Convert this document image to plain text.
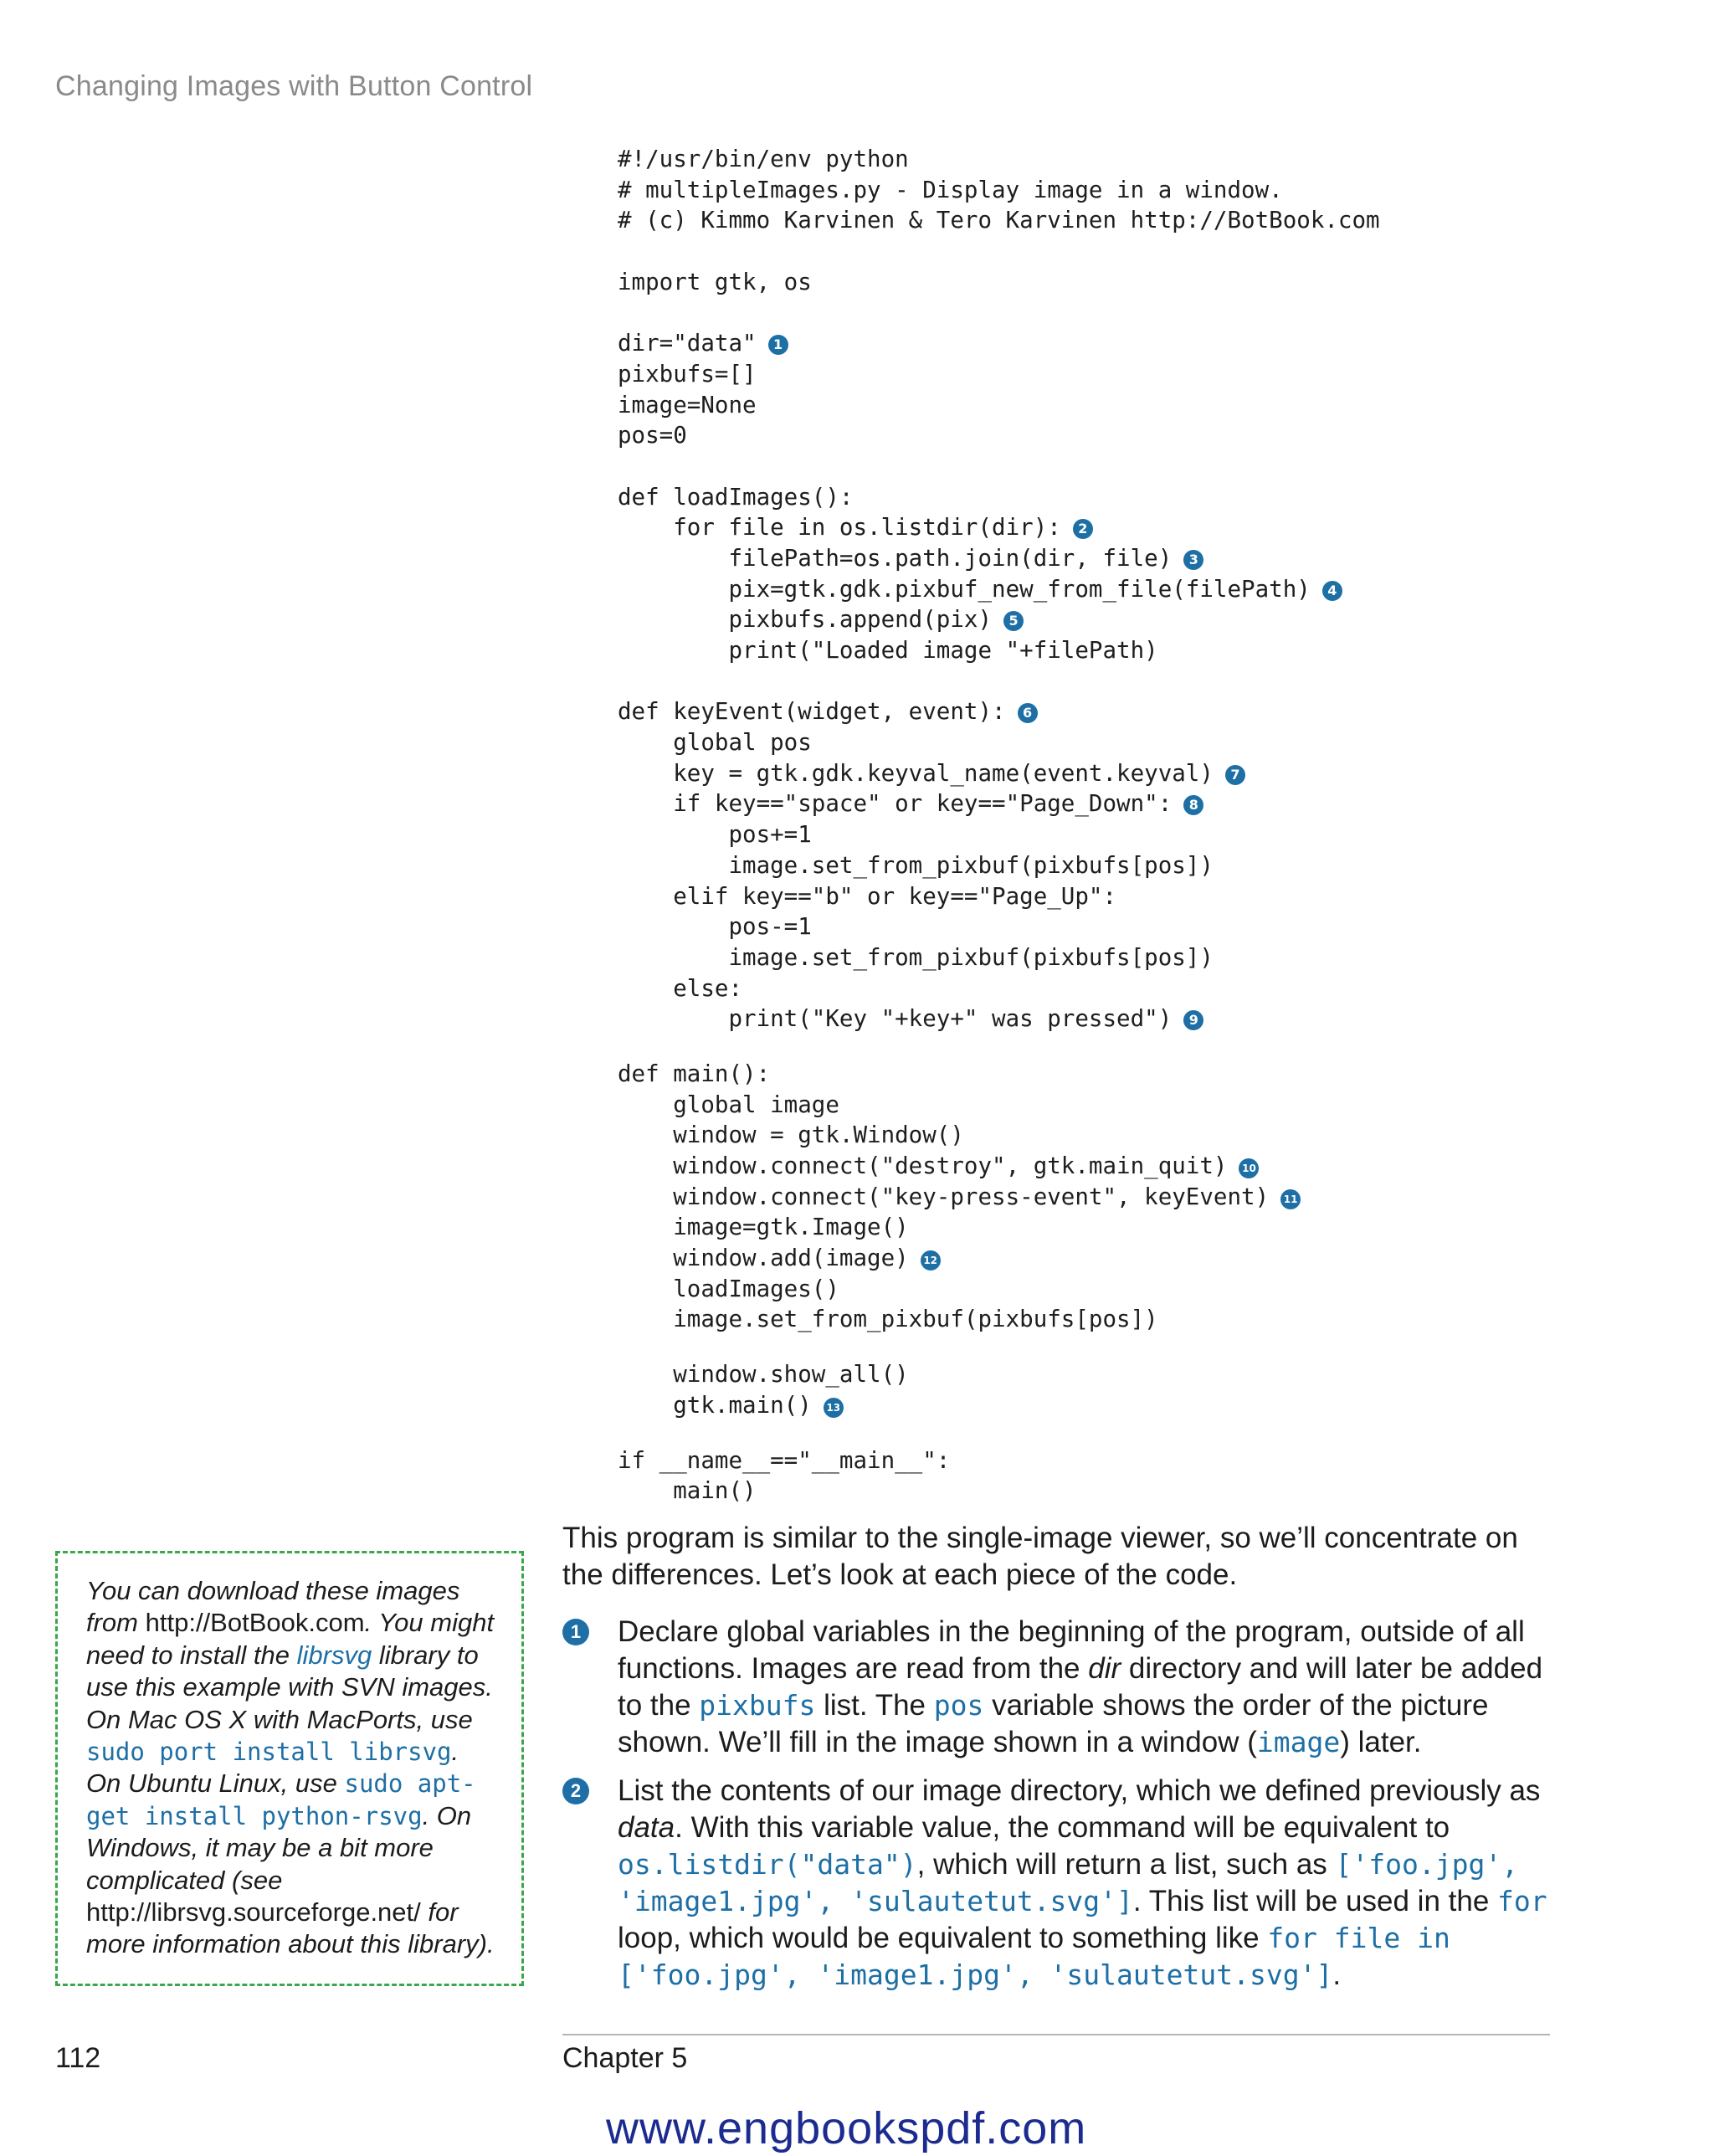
Changing Images with Button Control
#!/usr/bin/env python
# multipleImages.py - Display image in a window.
# (c) Kimmo Karvinen & Tero Karvinen http://BotBook.com
import gtk, os
dir="data" 1
pixbufs=[]
image=None
pos=0
def loadImages():
for file in os.listdir(dir): 2
filePath=os.path.join(dir, file) 3
pix=gtk.gdk.pixbuf_new_from_file(filePath) 4
pixbufs.append(pix) 5
print("Loaded image "+filePath)
def keyEvent(widget, event): 6
global pos
key = gtk.gdk.keyval_name(event.keyval) 7
if key=="space" or key=="Page_Down": 8
pos+=1
image.set_from_pixbuf(pixbufs[pos])
elif key=="b" or key=="Page_Up":
pos-=1
image.set_from_pixbuf(pixbufs[pos])
else:
print("Key "+key+" was pressed") 9
def main():
global image
window = gtk.Window()
window.connect("destroy", gtk.main_quit) 10
window.connect("key-press-event", keyEvent) 11
image=gtk.Image()
window.add(image) 12
loadImages()
image.set_from_pixbuf(pixbufs[pos])
window.show_all()
gtk.main() 13
if __name__=="__main__":
main()
This program is similar to the single-image viewer, so we’ll concentrate on the differences. Let’s look at each piece of the code.
1 Declare global variables in the beginning of the program, outside of all functions. Images are read from the dir directory and will later be added to the pixbufs list. The pos variable shows the order of the picture shown. We’ll fill in the image shown in a window (image) later.
2 List the contents of our image directory, which we defined previously as data. With this variable value, the command will be equivalent to os.listdir("data"), which will return a list, such as ['foo.jpg', 'image1.jpg', 'sulautetut.svg']. This list will be used in the for loop, which would be equivalent to something like for file in ['foo.jpg', 'image1.jpg', 'sulautetut.svg'].
You can download these images from http://BotBook.com. You might need to install the librsvg library to use this example with SVN images. On Mac OS X with MacPorts, use sudo port install librsvg. On Ubuntu Linux, use sudo apt-get install python-rsvg. On Windows, it may be a bit more complicated (see http://librsvg.sourceforge.net/ for more information about this library).
112	Chapter 5
www.engbookspdf.com
